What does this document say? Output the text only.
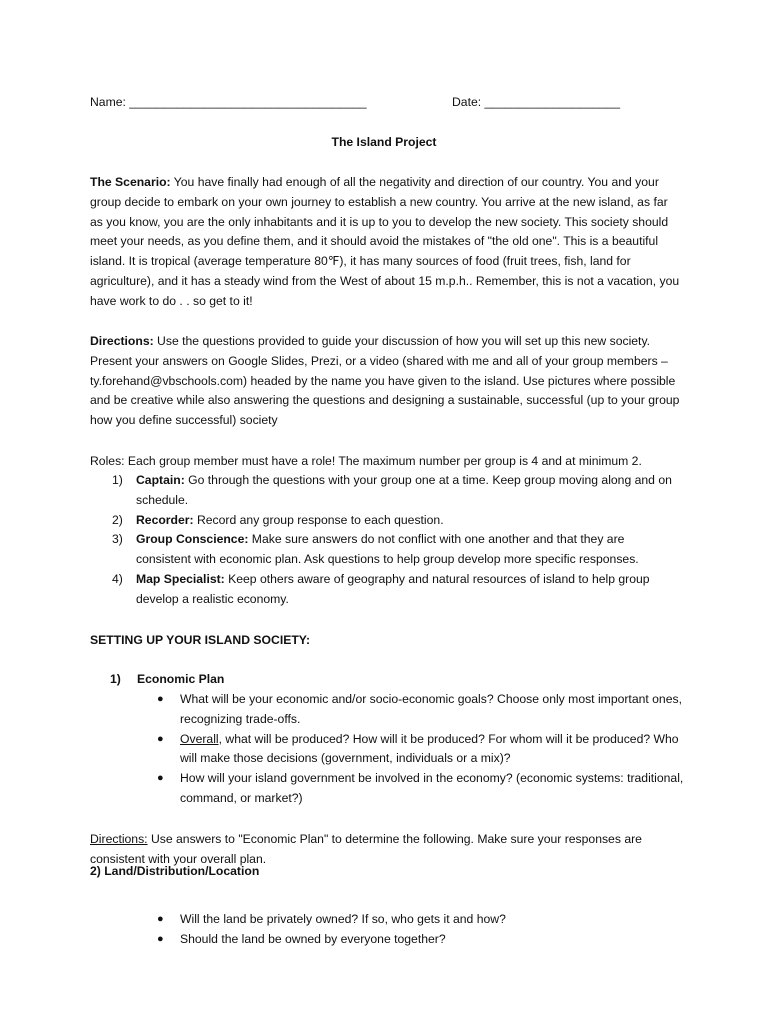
Name: ___________________________________	Date: ____________________
The Island Project

The Scenario: You have finally had enough of all the negativity and direction of our country. You and your group decide to embark on your own journey to establish a new country. You arrive at the new island, as far as you know, you are the only inhabitants and it is up to you to develop the new society. This society should meet your needs, as you define them, and it should avoid the mistakes of "the old one". This is a beautiful island. It is tropical (average temperature 80℉), it has many sources of food (fruit trees, fish, land for agriculture), and it has a steady wind from the West of about 15 m.p.h.. Remember, this is not a vacation, you have work to do . . so get to it!

Directions: Use the questions provided to guide your discussion of how you will set up this new society. Present your answers on Google Slides, Prezi, or a video (shared with me and all of your group members – ty.forehand@vbschools.com) headed by the name you have given to the island. Use pictures where possible and be creative while also answering the questions and designing a sustainable, successful (up to your group how you define successful) society

Roles: Each group member must have a role! The maximum number per group is 4 and at minimum 2.

1) Captain: Go through the questions with your group one at a time. Keep group moving along and on schedule.
2) Recorder: Record any group response to each question.
3) Group Conscience: Make sure answers do not conflict with one another and that they are consistent with economic plan. Ask questions to help group develop more specific responses.
4) Map Specialist: Keep others aware of geography and natural resources of island to help group develop a realistic economy.

SETTING UP YOUR ISLAND SOCIETY:

1) Economic Plan
● What will be your economic and/or socio-economic goals? Choose only most important ones, recognizing trade-offs.
● Overall, what will be produced? How will it be produced? For whom will it be produced? Who will make those decisions (government, individuals or a mix)?
● How will your island government be involved in the economy? (economic systems: traditional, command, or market?)

Directions: Use answers to "Economic Plan" to determine the following. Make sure your responses are consistent with your overall plan.

2) Land/Distribution/Location
● Will the land be privately owned? If so, who gets it and how?
● Should the land be owned by everyone together?
